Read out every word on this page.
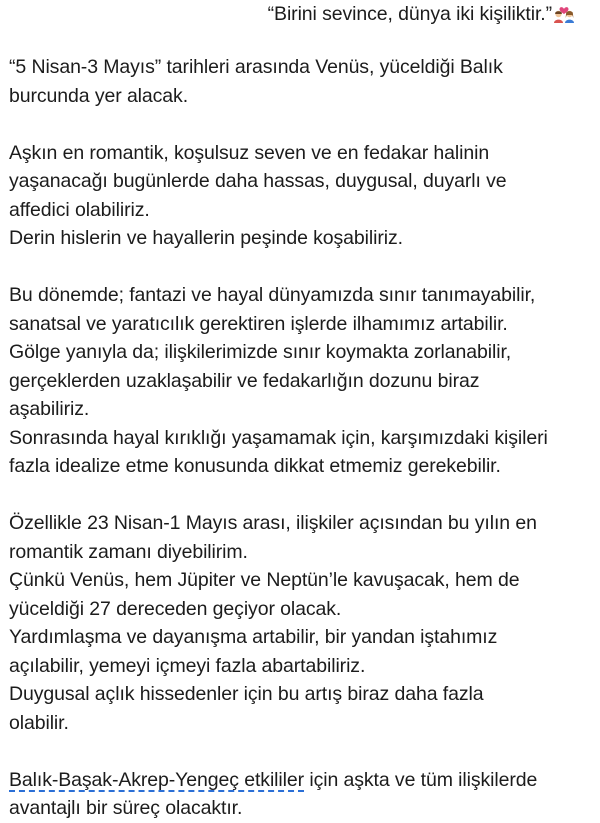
“Birini sevince, dünya iki kişiliktir.”

“5 Nisan-3 Mayıs” tarihleri arasında Venüs, yüceldiği Balık
burcunda yer alacak.

Aşkın en romantik, koşulsuz seven ve en fedakar halinin
yaşanacağı bugünlerde daha hassas, duygusal, duyarlı ve
affedici olabiliriz.
Derin hislerin ve hayallerin peşinde koşabiliriz.

Bu dönemde; fantazi ve hayal dünyamızda sınır tanımayabilir,
sanatsal ve yaratıcılık gerektiren işlerde ilhamımız artabilir.
Gölge yanıyla da; ilişkilerimizde sınır koymakta zorlanabilir,
gerçeklerden uzaklaşabilir ve fedakarlığın dozunu biraz
aşabiliriz.
Sonrasında hayal kırıklığı yaşamamak için, karşımızdaki kişileri
fazla idealize etme konusunda dikkat etmemiz gerekebilir.

Özellikle 23 Nisan-1 Mayıs arası, ilişkiler açısından bu yılın en
romantik zamanı diyebilirim.
Çünkü Venüs, hem Jüpiter ve Neptün’le kavuşacak, hem de
yüceldiği 27 dereceden geçiyor olacak.
Yardımlaşma ve dayanışma artabilir, bir yandan iştahımız
açılabilir, yemeyi içmeyi fazla abartabiliriz.
Duygusal açlık hissedenler için bu artış biraz daha fazla
olabilir.

Balık-Başak-Akrep-Yengeç etkililer için aşkta ve tüm ilişkilerde
avantajlı bir süreç olacaktır.
